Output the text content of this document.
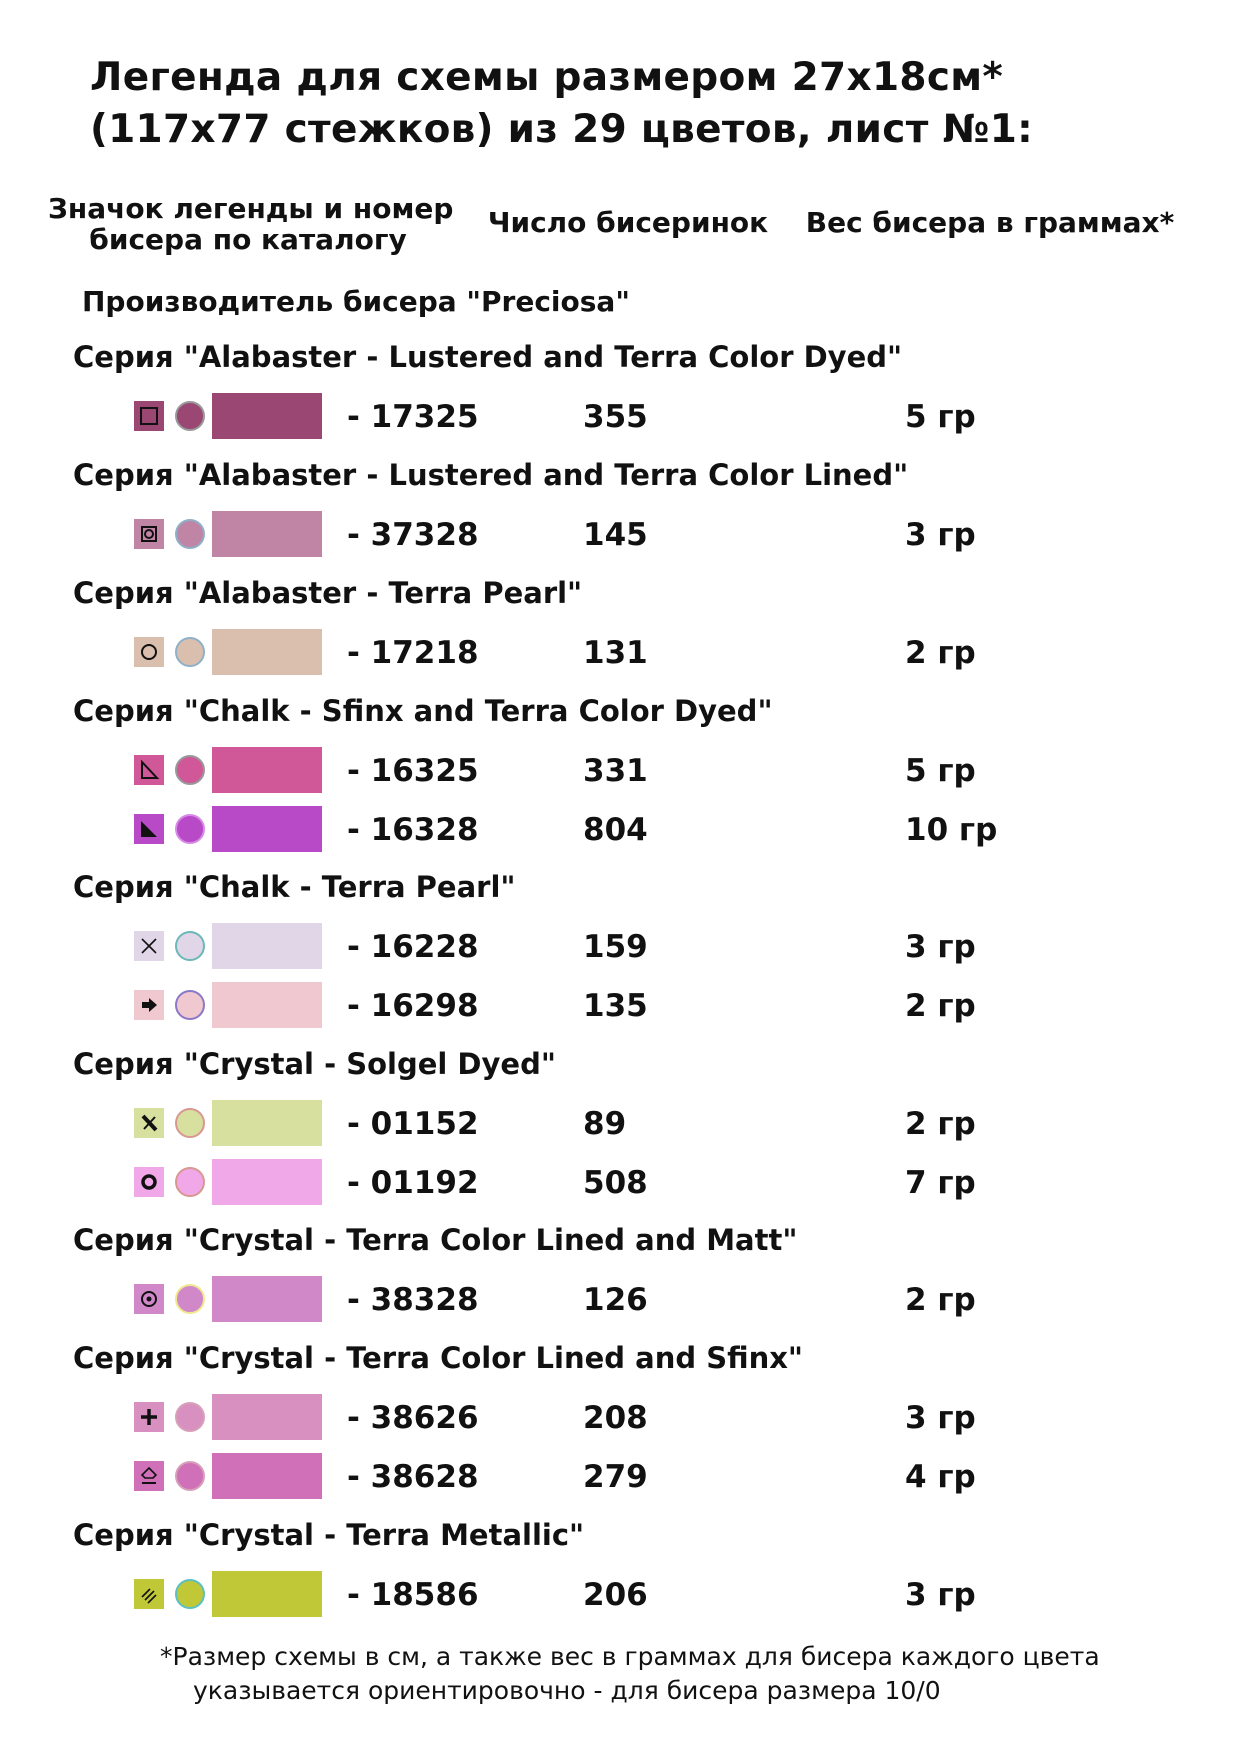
Легенда для схемы размером 27x18см*
(117x77 стежков) из 29 цветов, лист №1:
Значок легенды и номер
бисера по каталогу
Число бисеринок Вес бисера в граммах*
Производитель бисера "Preciosa"
Серия "Alabaster - Lustered and Terra Color Dyed"
- 17325	355	5 гр
Серия "Alabaster - Lustered and Terra Color Lined"
- 37328	145	3 гр
Серия "Alabaster - Terra Pearl"
- 17218	131	2 гр
Серия "Chalk - Sfinx and Terra Color Dyed"
- 16325	331	5 гр
- 16328	804	10 гр
Серия "Chalk - Terra Pearl"
- 16228	159	3 гр
- 16298	135	2 гр
Серия "Crystal - Solgel Dyed"
- 01152	89	2 гр
- 01192	508	7 гр
Серия "Crystal - Terra Color Lined and Matt"
- 38328	126	2 гр
Серия "Crystal - Terra Color Lined and Sfinx"
- 38626	208	3 гр
- 38628	279	4 гр
Серия "Crystal - Terra Metallic"
- 18586	206	3 гр
*Размер схемы в см, а также вес в граммах для бисера каждого цвета
указывается ориентировочно - для бисера размера 10/0
